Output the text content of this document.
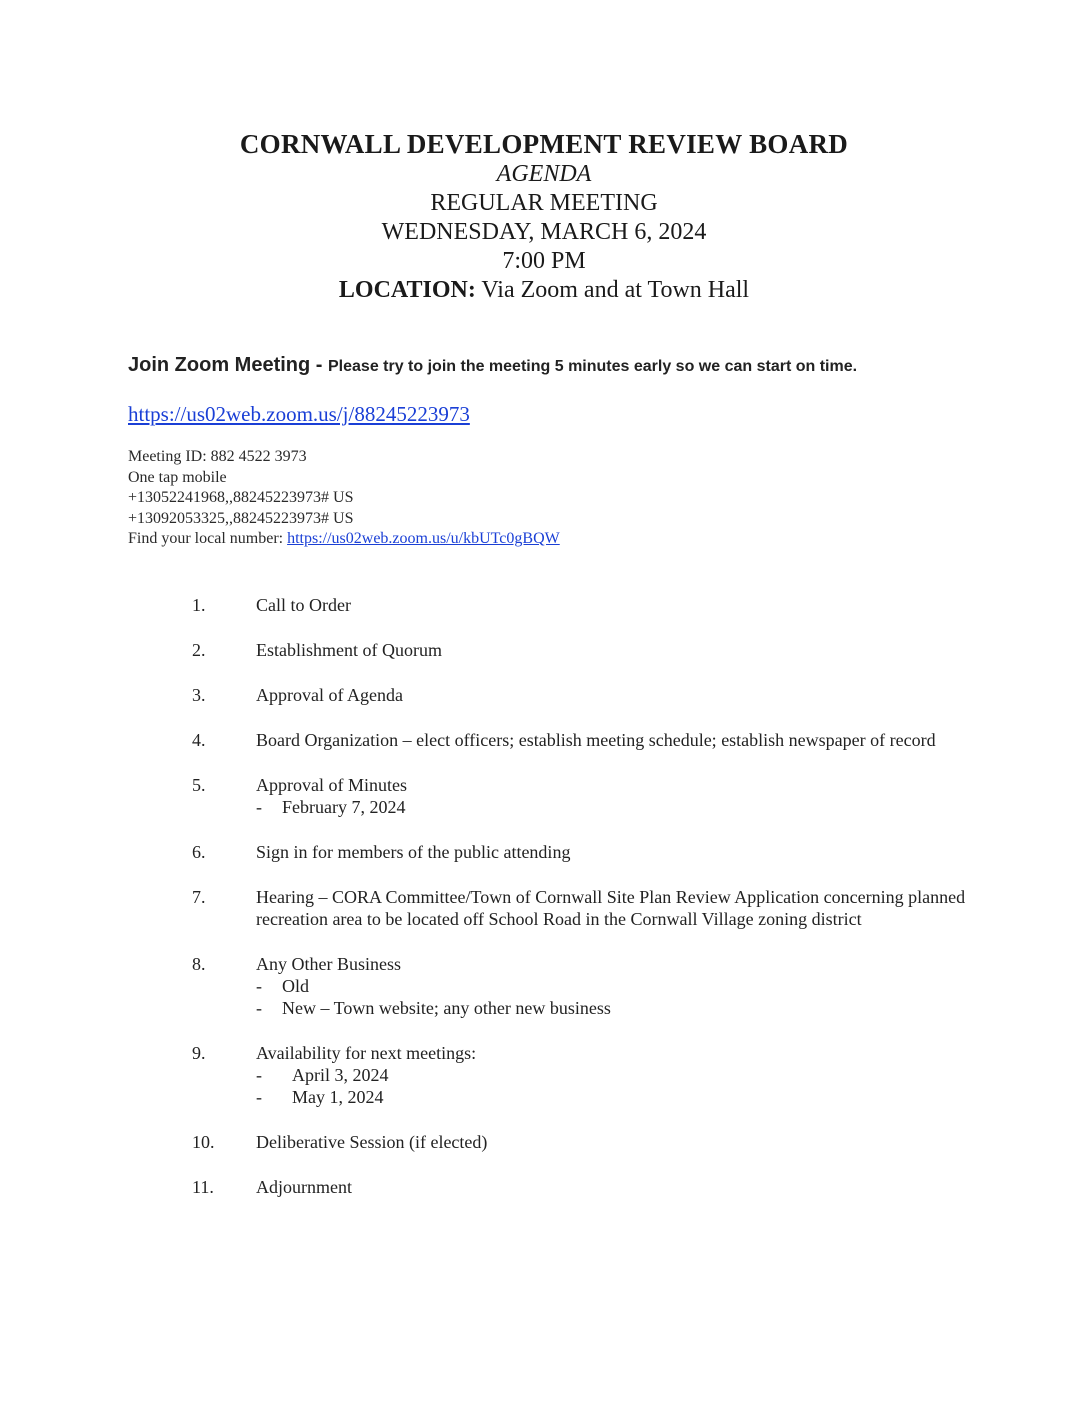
CORNWALL DEVELOPMENT REVIEW BOARD
AGENDA
REGULAR MEETING
WEDNESDAY, MARCH 6, 2024
7:00 PM
LOCATION: Via Zoom and at Town Hall
Join Zoom Meeting - Please try to join the meeting 5 minutes early so we can start on time.
https://us02web.zoom.us/j/88245223973
Meeting ID: 882 4522 3973
One tap mobile
+13052241968,,88245223973# US
+13092053325,,88245223973# US
Find your local number: https://us02web.zoom.us/u/kbUTc0gBQW
1.	Call to Order
2.	Establishment of Quorum
3.	Approval of Agenda
4.	Board Organization – elect officers; establish meeting schedule; establish newspaper of record
5.	Approval of Minutes
- February 7, 2024
6.	Sign in for members of the public attending
7.	Hearing – CORA Committee/Town of Cornwall Site Plan Review Application concerning planned recreation area to be located off School Road in the Cornwall Village zoning district
8.	Any Other Business
- Old
- New – Town website; any other new business
9.	Availability for next meetings:
- April 3, 2024
- May 1, 2024
10. Deliberative Session (if elected)
11. Adjournment
